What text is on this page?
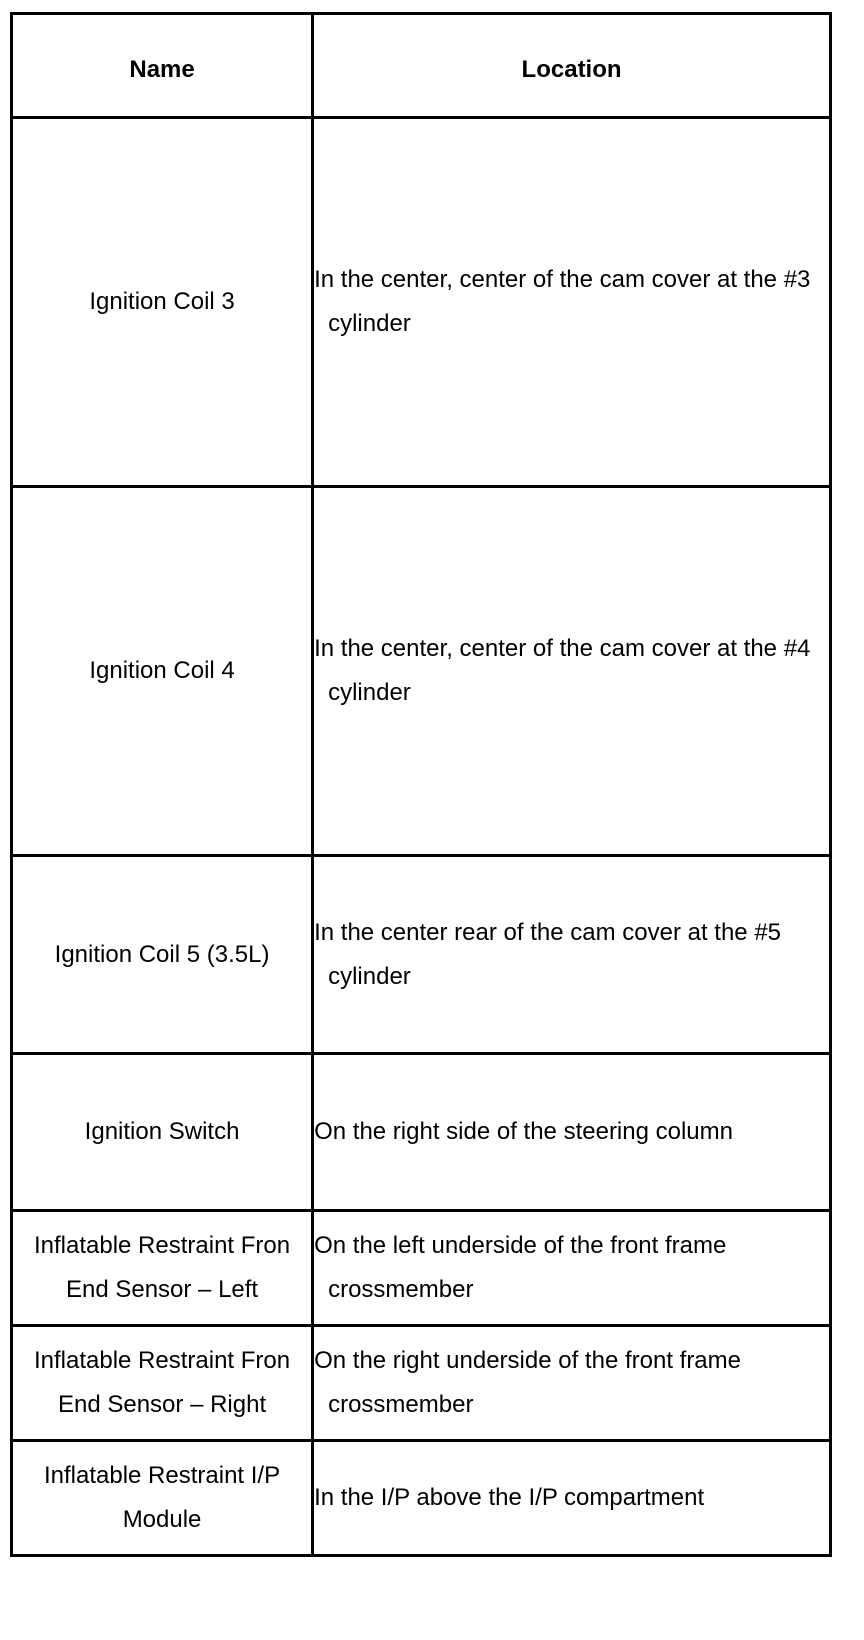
Name	Location
Ignition Coil 3	In the center, center of the cam cover at the #3 cylinder

Ignition Coil 4	In the center, center of the cam cover at the #4 cylinder

Ignition Coil 5 (3.5L)	In the center rear of the cam cover at the #5 cylinder

Ignition Switch	On the right side of the steering column

Inflatable Restraint Fron
End Sensor – Left	On the left underside of the front frame crossmember

Inflatable Restraint Fron
End Sensor – Right	On the right underside of the front frame crossmember

Inflatable Restraint I/P
Module	In the I/P above the I/P compartment
